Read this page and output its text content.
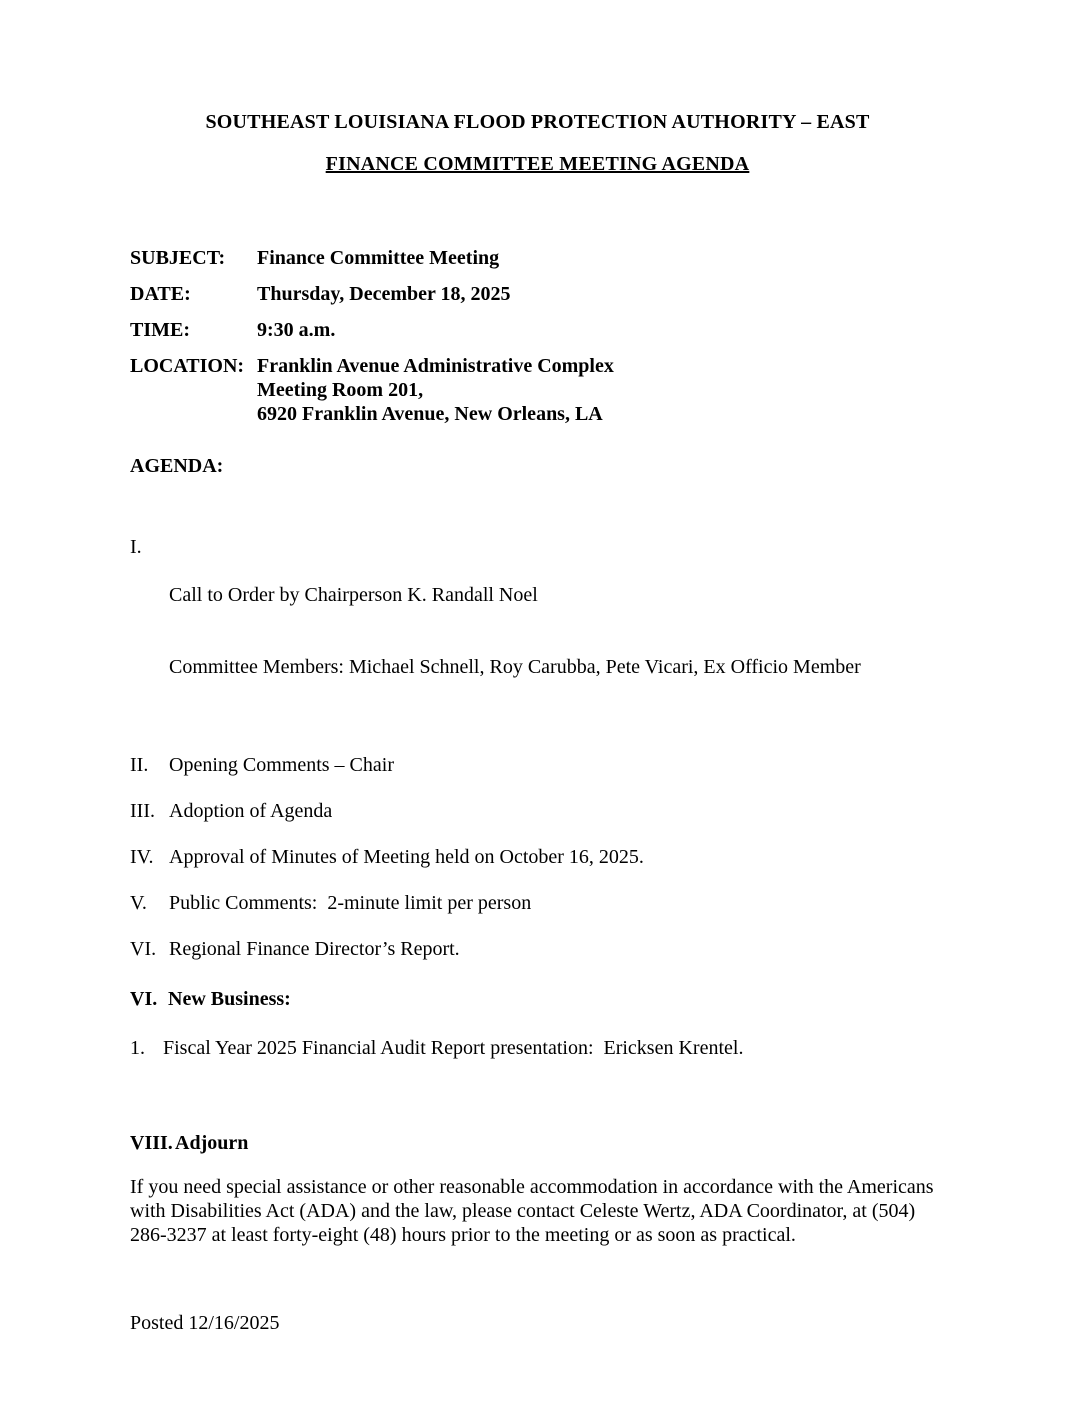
SOUTHEAST LOUISIANA FLOOD PROTECTION AUTHORITY – EAST
FINANCE COMMITTEE MEETING AGENDA
SUBJECT:	Finance Committee Meeting
DATE:	Thursday, December 18, 2025
TIME:	9:30 a.m.
LOCATION: Franklin Avenue Administrative Complex
Meeting Room 201,
6920 Franklin Avenue, New Orleans, LA
AGENDA:
I.

Call to Order by Chairperson K. Randall Noel

Committee Members: Michael Schnell, Roy Carubba, Pete Vicari, Ex Officio Member

II.	Opening Comments – Chair
III. Adoption of Agenda
IV. Approval of Minutes of Meeting held on October 16, 2025.
V.	Public Comments:  2-minute limit per person
VI. Regional Finance Director’s Report.
VI. New Business:
1. Fiscal Year 2025 Financial Audit Report presentation:  Ericksen Krentel.
VIII. Adjourn

If you need special assistance or other reasonable accommodation in accordance with the Americans with Disabilities Act (ADA) and the law, please contact Celeste Wertz, ADA Coordinator, at (504) 286-3237 at least forty-eight (48) hours prior to the meeting or as soon as practical.

Posted 12/16/2025
